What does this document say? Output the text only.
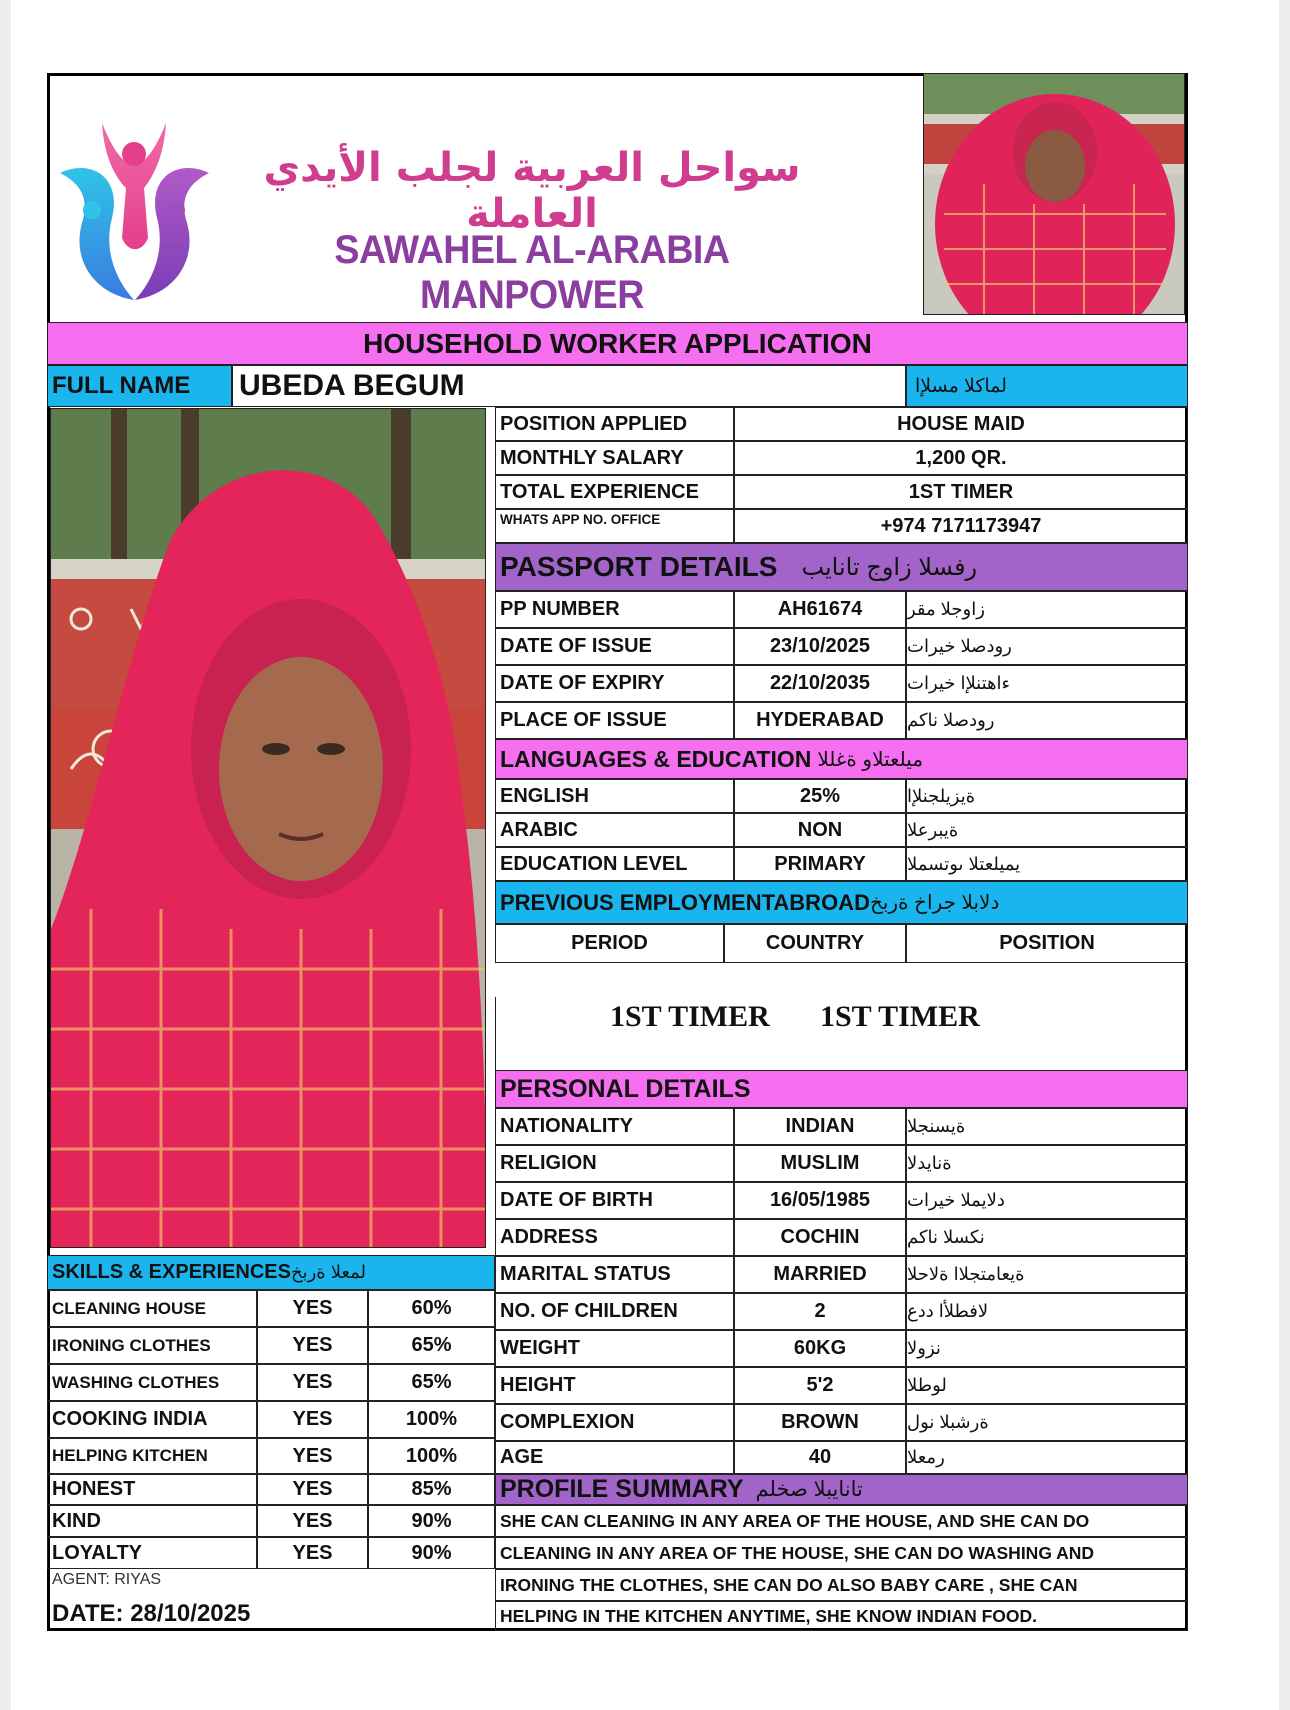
سواحل العربية لجلب الأيدي العاملة
SAWAHEL AL-ARABIA MANPOWER
HOUSEHOLD WORKER APPLICATION
FULL NAME	UBEDA BEGUM	لماكلا مسلإا
POSITION APPLIED	HOUSE MAID
MONTHLY SALARY	1,200 QR.
TOTAL EXPERIENCE	1ST TIMER
WHATS APP NO. OFFICE	+974 7171173947
PASSPORT DETAILS رفسلا زاوج تانايب
PP NUMBER	AH61674	زاوجلا مقر
DATE OF ISSUE	23/10/2025	رودصلا خيرات
DATE OF EXPIRY	22/10/2035	ءاهتنلإا خيرات
PLACE OF ISSUE	HYDERABAD	رودصلا ناكم
LANGUAGES & EDUCATION ميلعتلاو ةغللا
ENGLISH	25%	ةيزيلجنلإا
ARABIC	NON	ةيبرعلا
EDUCATION LEVEL	PRIMARY	يميلعتلا ىوتسملا
PREVIOUS EMPLOYMENTABROAD دلابلا جراخ ةربخ
PERIOD	COUNTRY	POSITION
1ST TIMER 1ST TIMER
PERSONAL DETAILS
NATIONALITY	INDIAN	ةيسنجلا
RELIGION	MUSLIM	ةنايدلا
DATE OF BIRTH	16/05/1985	دلايملا خيرات
ADDRESS	COCHIN	نكسلا ناكم
MARITAL STATUS	MARRIED	ةيعامتجلاا ةلاحلا
NO. OF CHILDREN	2	لافطلأا ددع
WEIGHT	60KG	نزولا
HEIGHT	5'2	لوطلا
COMPLEXION	BROWN	ةرشبلا نول
AGE	40	رمعلا
PROFILE SUMMARY تانايبلا صخلم
SHE CAN CLEANING IN ANY AREA OF THE HOUSE, AND SHE CAN DO
CLEANING IN ANY AREA OF THE HOUSE, SHE CAN DO WASHING AND
IRONING THE CLOTHES, SHE CAN DO ALSO BABY CARE , SHE CAN
HELPING IN THE KITCHEN ANYTIME, SHE KNOW INDIAN FOOD.
SKILLS & EXPERIENCES لمعلا ةربخ
CLEANING HOUSE	YES	60%
IRONING CLOTHES	YES	65%
WASHING CLOTHES	YES	65%
COOKING INDIA	YES	100%
HELPING KITCHEN	YES	100%
HONEST	YES	85%
KIND	YES	90%
LOYALTY	YES	90%
AGENT: RIYAS
DATE: 28/10/2025
